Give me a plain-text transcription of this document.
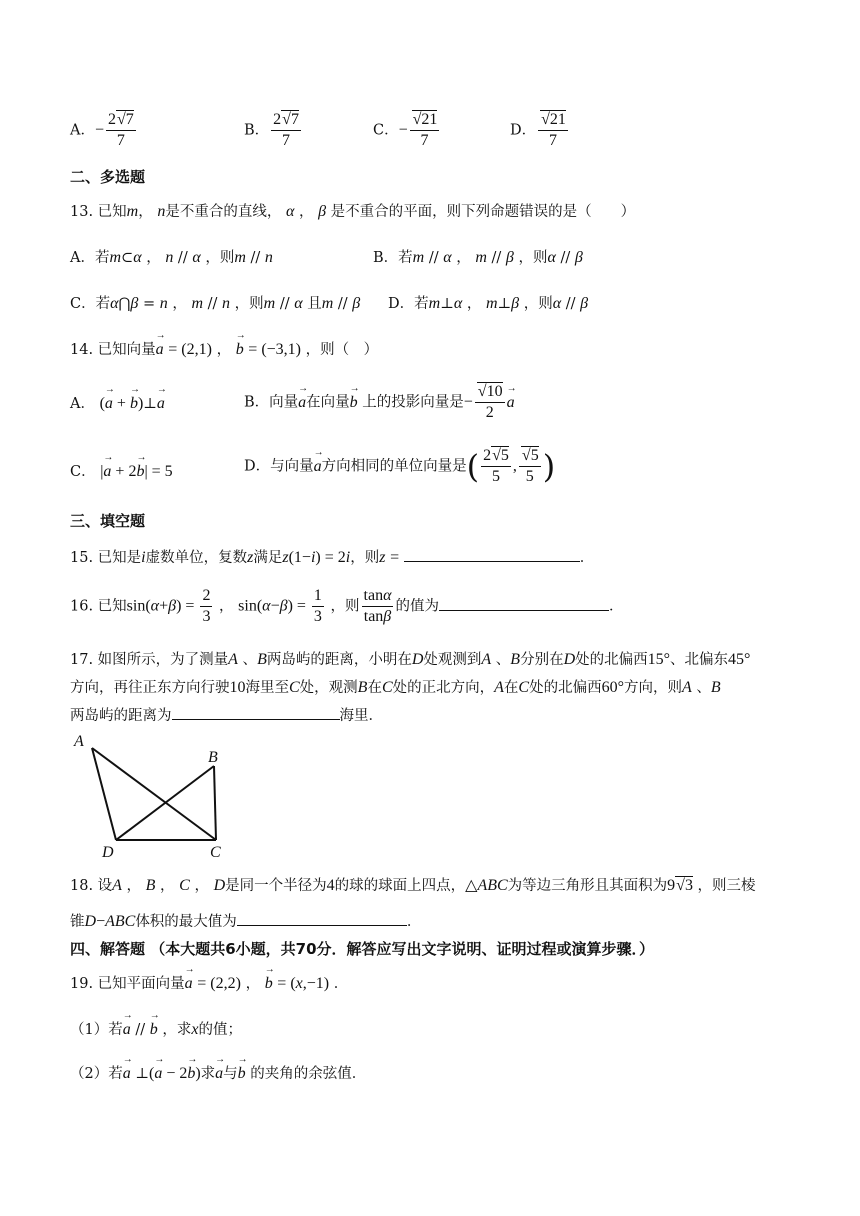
A．− $\frac{2√7}{7}$	B． $\frac{2√7}{7}$	C．− $\frac{√21}{7}$	D． $\frac{√21}{7}$
二、多选题
13. 已知m， n是不重合的直线， α ， β 是不重合的平面，则下列命题错误的是（　　）
A．若m⊂α ， n // α ，则m // n	B．若m // α ， m // β ，则α // β
C．若α⋂β = n ， m // n ，则m // α 且m // β D．若m⊥α ， m⊥β ，则α // β
14. 已知向量→ a = (2,1) ， → b = (−3,1) ，则（　）
A． (→ a + → b)⊥→ a	B．向量→ a在向量→ b 上的投影向量是− $\frac{√10}{2}$
→ a
C． |→ a + 2→ b| = 5	D．与向量→ a方向相同的单位向量是( $\frac{2√5}{5}$ , $\frac{√5}{5}$ )
三、填空题
15. 已知是i虚数单位，复数z满足z(1−i) = 2i，则z =	．
16. 已知$\sin(\alpha+\beta) = \frac{2}{3}$ ， $\sin(\alpha-\beta) = \frac{1}{3}$ ，则 $\frac{\tan\alpha}{\tan\beta}$ 的值为	．
17. 如图所示，为了测量A 、B两岛屿的距离，小明在D处观测到A 、B分别在D处的北偏西15°、北偏东45°
方向，再往正东方向行驶10海里至C处，观测B在C处的正北方向，A在C处的北偏西60°方向，则A 、B
两岛屿的距离为	海里．
A
B
D	C
18. 设A ， B ， C ， D是同一个半径为4的球的球面上四点，△ABC为等边三角形且其面积为9√3 ，则三棱
锥D−ABC体积的最大值为	．
四、解答题 （本大题共6小题，共70分．解答应写出文字说明、证明过程或演算步骤．）
19. 已知平面向量→ a = (2,2) ， → b = (x,−1) ．
（1）若→ a // → b ，求x的值；
（2）若→ a ⊥(→ a − 2→ b)求→ a与→ b 的夹角的余弦值．
